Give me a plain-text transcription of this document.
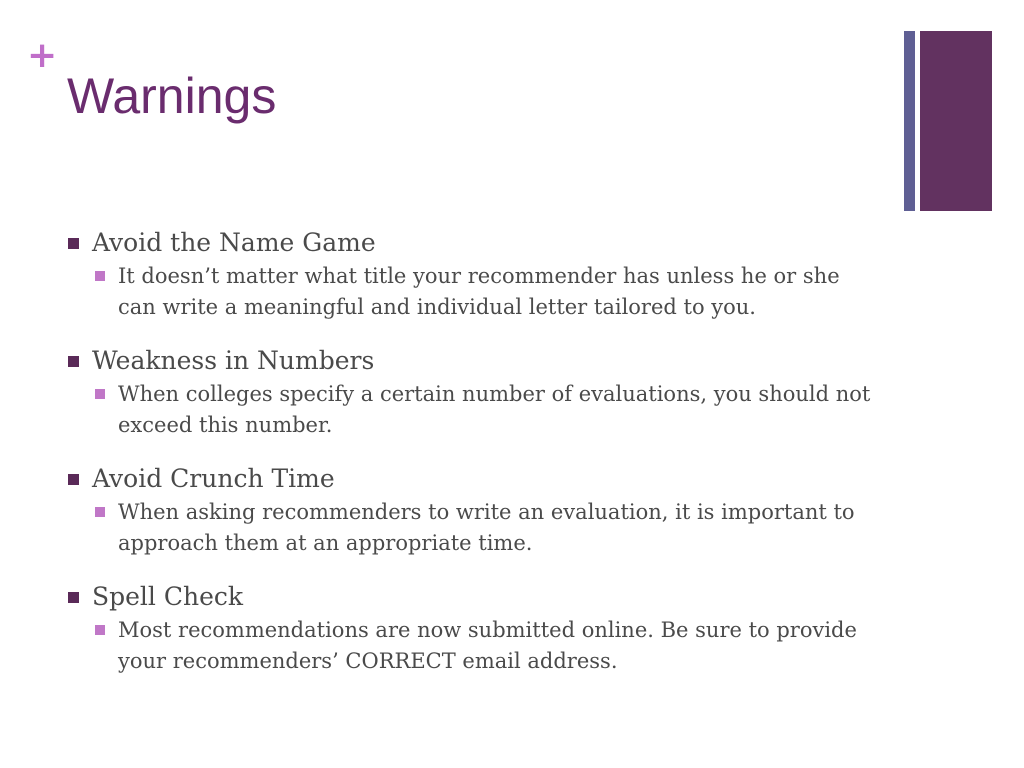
+
Warnings
Avoid the Name Game
It doesn’t matter what title your recommender has unless he or she can write a meaningful and individual letter tailored to you.
Weakness in Numbers
When colleges specify a certain number of evaluations, you should not exceed this number.
Avoid Crunch Time
When asking recommenders to write an evaluation, it is important to approach them at an appropriate time.
Spell Check
Most recommendations are now submitted online. Be sure to provide your recommenders’ CORRECT email address.
